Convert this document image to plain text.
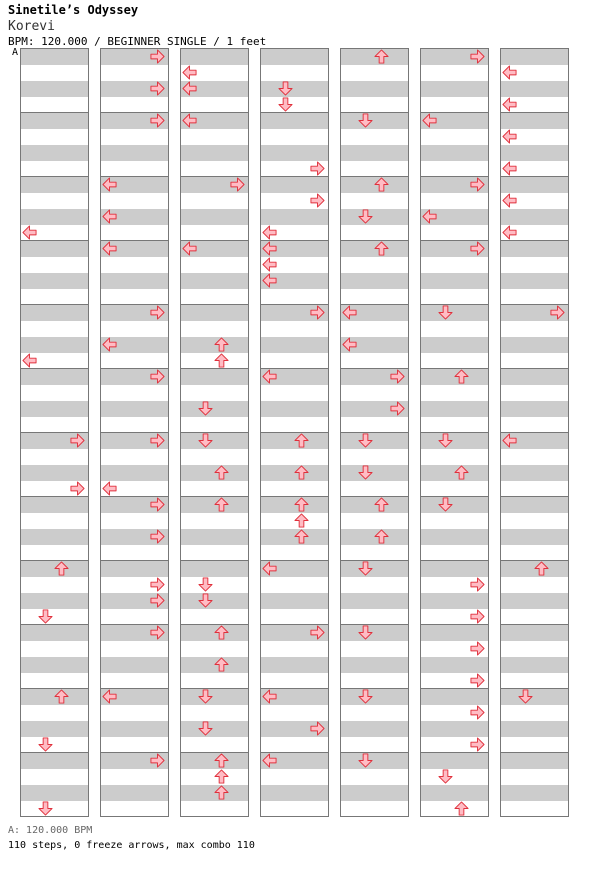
Sinetile’s Odyssey
Korevi
BPM: 120.000 / BEGINNER SINGLE / 1 feet
A
A: 120.000 BPM
110 steps, 0 freeze arrows, max combo 110
